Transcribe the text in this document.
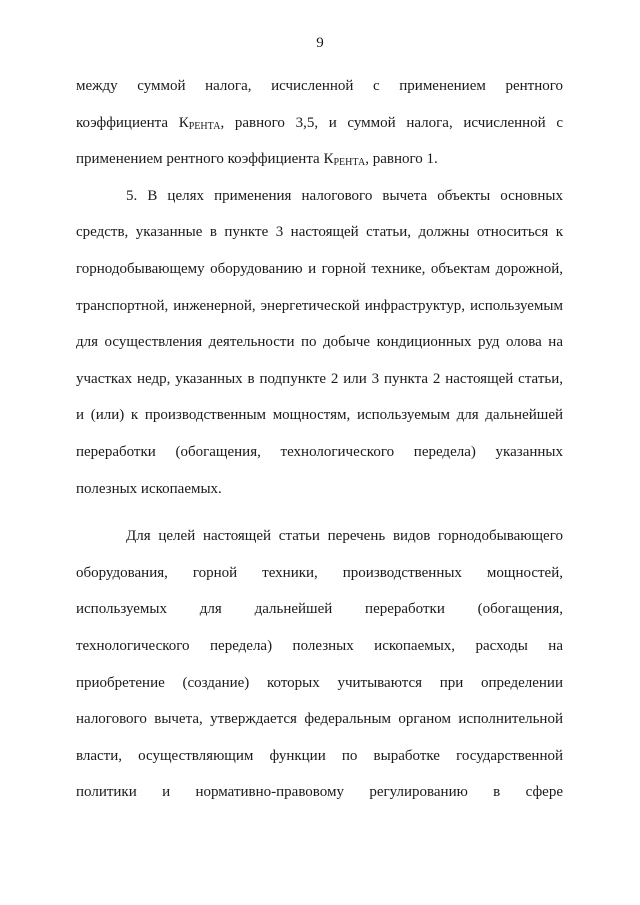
9
между суммой налога, исчисленной с применением рентного
коэффициента $К_{РЕНТА}$, равного 3,5, и суммой налога, исчисленной с
применением рентного коэффициента $К_{РЕНТА}$, равного 1.
5. В целях применения налогового вычета объекты основных
средств, указанные в пункте 3 настоящей статьи, должны относиться к
горнодобывающему оборудованию и горной технике, объектам дорожной,
транспортной, инженерной, энергетической инфраструктур, используемым
для осуществления деятельности по добыче кондиционных руд олова на
участках недр, указанных в подпункте 2 или 3 пункта 2 настоящей статьи,
и (или) к производственным мощностям, используемым для дальнейшей
переработки (обогащения, технологического передела) указанных
полезных ископаемых.
Для целей настоящей статьи перечень видов горнодобывающего
оборудования, горной техники, производственных мощностей,
используемых для дальнейшей переработки (обогащения,
технологического передела) полезных ископаемых, расходы на
приобретение (создание) которых учитываются при определении
налогового вычета, утверждается федеральным органом исполнительной
власти, осуществляющим функции по выработке государственной
политики и нормативно-правовому регулированию в сфере
